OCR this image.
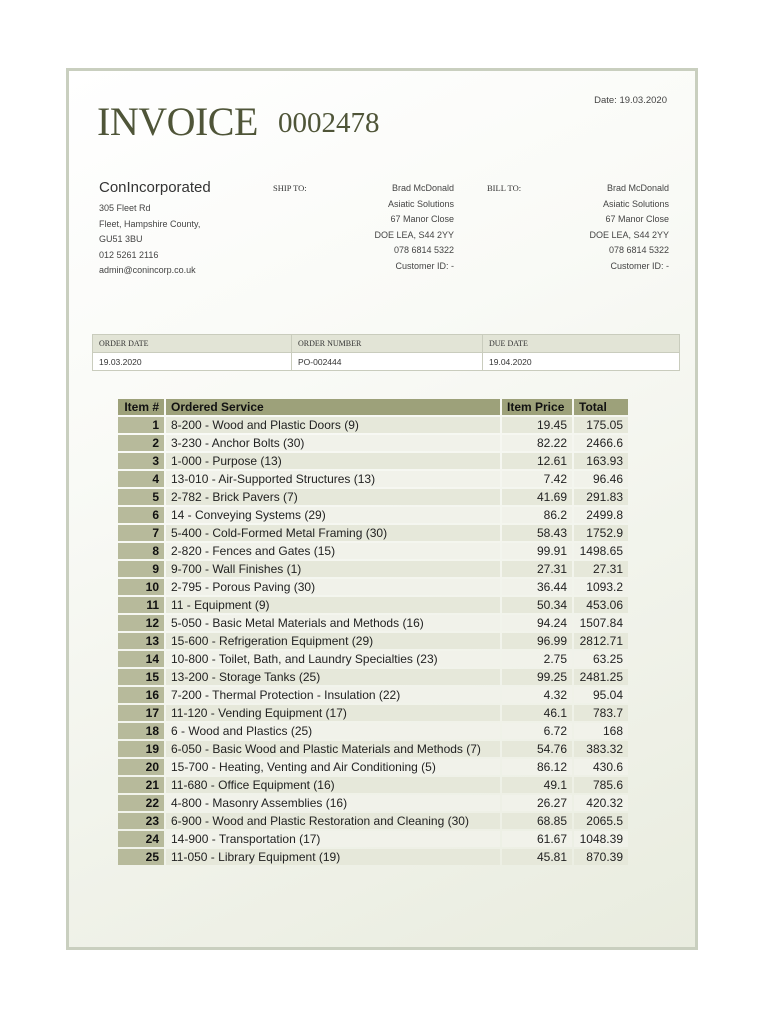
INVOICE 0002478
Date: 19.03.2020
ConIncorporated
305 Fleet Rd
Fleet, Hampshire County,
GU51 3BU
012 5261 2116
admin@conincorp.co.uk
SHIP TO:	Brad McDonald
Asiatic Solutions
67 Manor Close
DOE LEA, S44 2YY
078 6814 5322
Customer ID: -
BILL TO:	Brad McDonald
Asiatic Solutions
67 Manor Close
DOE LEA, S44 2YY
078 6814 5322
Customer ID: -
ORDER DATE	ORDER NUMBER	DUE DATE
19.03.2020	PO-002444	19.04.2020
Item #	Ordered Service	Item Price	Total
1	8-200 - Wood and Plastic Doors (9)	19.45	175.05
2	3-230 - Anchor Bolts (30)	82.22	2466.6
3	1-000 - Purpose (13)	12.61	163.93
4	13-010 - Air-Supported Structures (13)	7.42	96.46
5	2-782 - Brick Pavers (7)	41.69	291.83
6	14 - Conveying Systems (29)	86.2	2499.8
7	5-400 - Cold-Formed Metal Framing (30)	58.43	1752.9
8	2-820 - Fences and Gates (15)	99.91	1498.65
9	9-700 - Wall Finishes (1)	27.31	27.31
10	2-795 - Porous Paving (30)	36.44	1093.2
11	11 - Equipment (9)	50.34	453.06
12	5-050 - Basic Metal Materials and Methods (16)	94.24	1507.84
13	15-600 - Refrigeration Equipment (29)	96.99	2812.71
14	10-800 - Toilet, Bath, and Laundry Specialties (23)	2.75	63.25
15	13-200 - Storage Tanks (25)	99.25	2481.25
16	7-200 - Thermal Protection - Insulation (22)	4.32	95.04
17	11-120 - Vending Equipment (17)	46.1	783.7
18	6 - Wood and Plastics (25)	6.72	168
19	6-050 - Basic Wood and Plastic Materials and Methods (7)	54.76	383.32
20	15-700 - Heating, Venting and Air Conditioning (5)	86.12	430.6
21	11-680 - Office Equipment (16)	49.1	785.6
22	4-800 - Masonry Assemblies (16)	26.27	420.32
23	6-900 - Wood and Plastic Restoration and Cleaning (30)	68.85	2065.5
24	14-900 - Transportation (17)	61.67	1048.39
25	11-050 - Library Equipment (19)	45.81	870.39
